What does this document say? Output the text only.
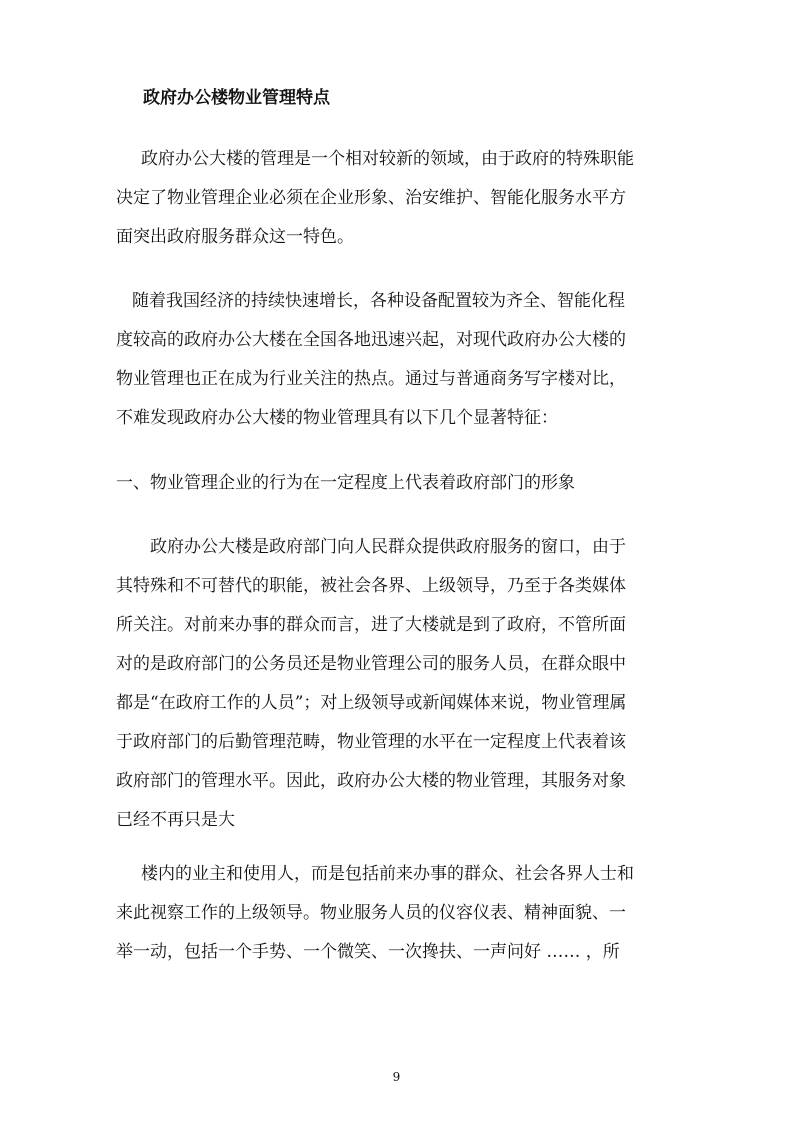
政府办公楼物业管理特点
政府办公大楼的管理是一个相对较新的领域，由于政府的特殊职能
决定了物业管理企业必须在企业形象、治安维护、智能化服务水平方
面突出政府服务群众这一特色。
随着我国经济的持续快速增长，各种设备配置较为齐全、智能化程
度较高的政府办公大楼在全国各地迅速兴起，对现代政府办公大楼的
物业管理也正在成为行业关注的热点。通过与普通商务写字楼对比，
不难发现政府办公大楼的物业管理具有以下几个显著特征：
一、物业管理企业的行为在一定程度上代表着政府部门的形象
政府办公大楼是政府部门向人民群众提供政府服务的窗口，由于
其特殊和不可替代的职能，被社会各界、上级领导，乃至于各类媒体
所关注。对前来办事的群众而言，进了大楼就是到了政府，不管所面
对的是政府部门的公务员还是物业管理公司的服务人员，在群众眼中
都是“在政府工作的人员”；对上级领导或新闻媒体来说，物业管理属
于政府部门的后勤管理范畴，物业管理的水平在一定程度上代表着该
政府部门的管理水平。因此，政府办公大楼的物业管理，其服务对象
已经不再只是大
楼内的业主和使用人，而是包括前来办事的群众、社会各界人士和
来此视察工作的上级领导。物业服务人员的仪容仪表、精神面貌、一
举一动，包括一个手势、一个微笑、一次搀扶、一声问好 …… ，所
9
